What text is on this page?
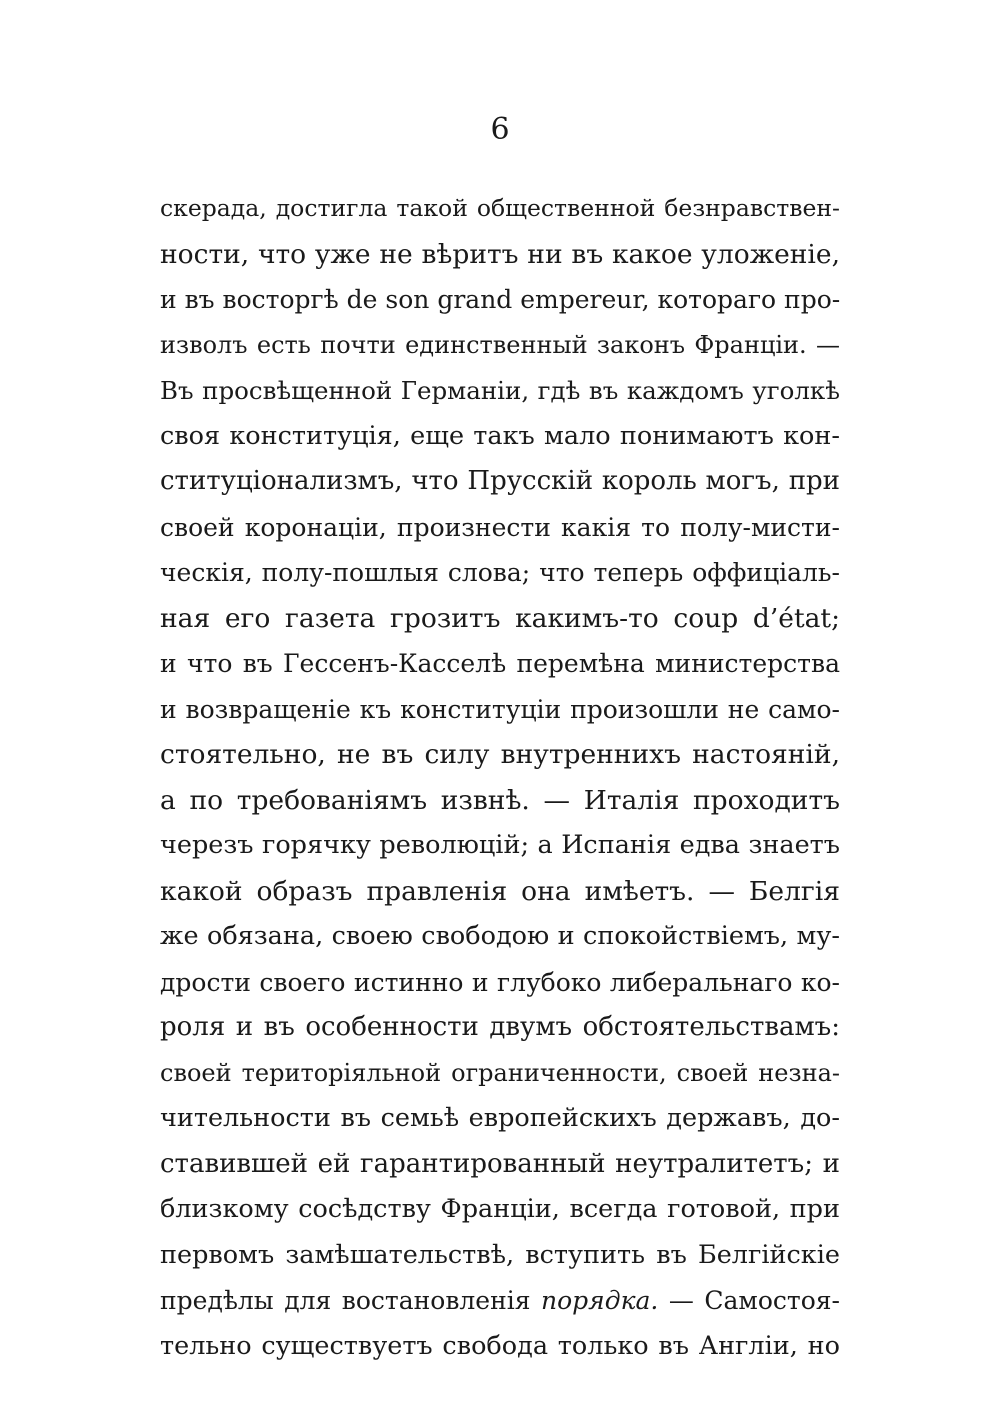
6
скерада, достигла такой общественной безнравствен-
ности, что уже не вѣритъ ни въ какое уложеніе,
и въ восторгѣ de son grand empereur, котораго про-
изволъ есть почти единственный законъ Франціи. —
Въ просвѣщенной Германіи, гдѣ въ каждомъ уголкѣ
своя конституція, еще такъ мало понимаютъ кон-
ституціонализмъ, что Прусскій король могъ, при
своей коронаціи, произнести какія то полу-мисти-
ческія, полу-пошлыя слова; что теперь оффиціаль-
ная его газета грозитъ какимъ-то coup d’état;
и что въ Гессенъ-Касселѣ перемѣна министерства
и возвращеніе къ конституціи произошли не само-
стоятельно, не въ силу внутреннихъ настояній,
а по требованіямъ извнѣ. — Италія проходитъ
черезъ горячку революцій; а Испанія едва знаетъ
какой образъ правленія она имѣетъ. — Белгія
же обязана, своею свободою и спокойствіемъ, му-
дрости своего истинно и глубоко либеральнаго ко-
роля и въ особенности двумъ обстоятельствамъ:
своей територіяльной ограниченности, своей незна-
чительности въ семьѣ европейскихъ державъ, до-
ставившей ей гарантированный неутралитетъ; и
близкому сосѣдству Франціи, всегда готовой, при
первомъ замѣшательствѣ, вступить въ Белгійскіе
предѣлы для востановленія порядка. — Самостоя-
тельно существуетъ свобода только въ Англіи, но
